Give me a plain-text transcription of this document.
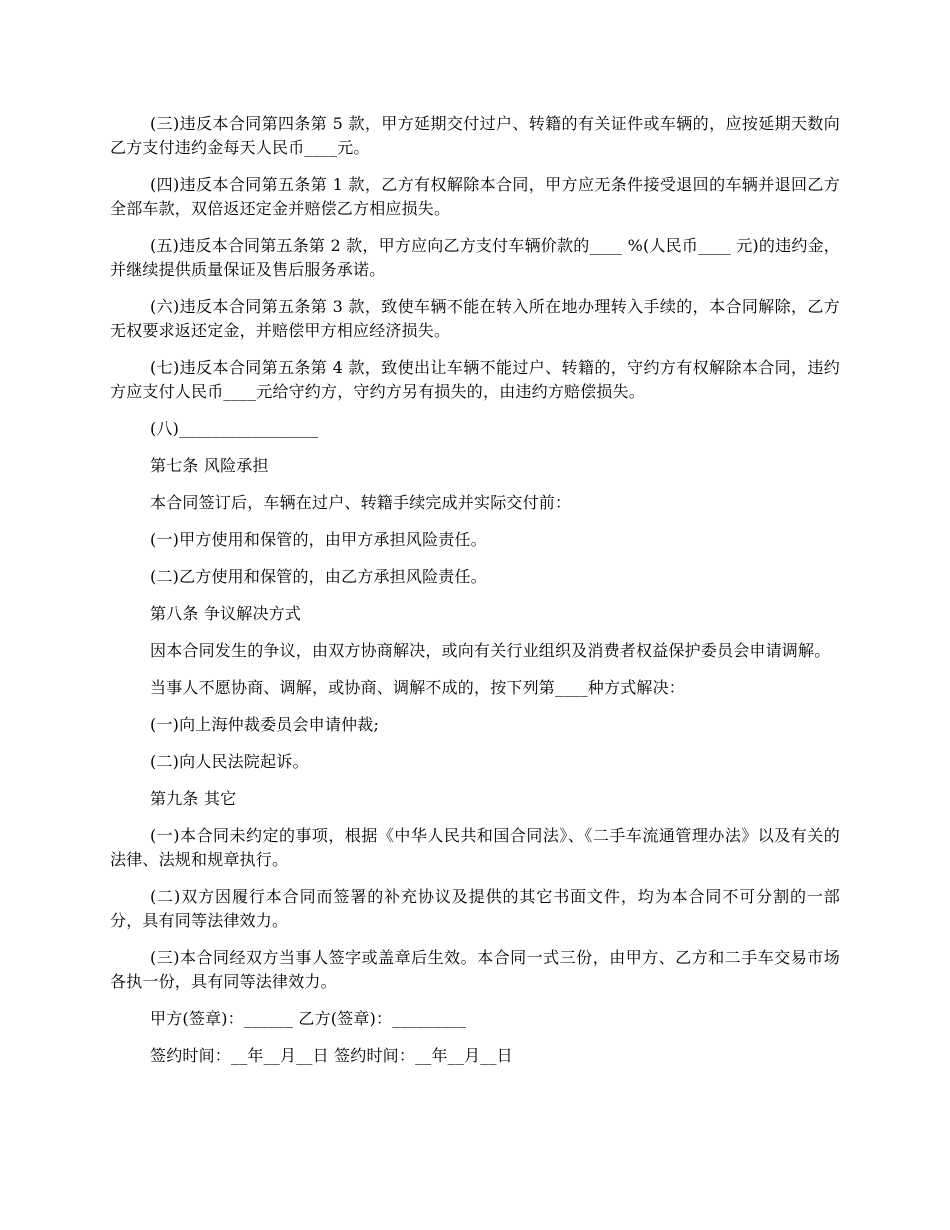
(三)违反本合同第四条第 5 款，甲方延期交付过户、转籍的有关证件或车辆的，应按延期天数向乙方支付违约金每天人民币____元。

(四)违反本合同第五条第 1 款，乙方有权解除本合同，甲方应无条件接受退回的车辆并退回乙方全部车款，双倍返还定金并赔偿乙方相应损失。

(五)违反本合同第五条第 2 款，甲方应向乙方支付车辆价款的____ %(人民币____ 元)的违约金，并继续提供质量保证及售后服务承诺。

(六)违反本合同第五条第 3 款，致使车辆不能在转入所在地办理转入手续的，本合同解除，乙方无权要求返还定金，并赔偿甲方相应经济损失。

(七)违反本合同第五条第 4 款，致使出让车辆不能过户、转籍的，守约方有权解除本合同，违约方应支付人民币____元给守约方，守约方另有损失的，由违约方赔偿损失。

(八)_________________

第七条 风险承担

本合同签订后，车辆在过户、转籍手续完成并实际交付前：

(一)甲方使用和保管的，由甲方承担风险责任。

(二)乙方使用和保管的，由乙方承担风险责任。

第八条 争议解决方式

因本合同发生的争议，由双方协商解决，或向有关行业组织及消费者权益保护委员会申请调解。

当事人不愿协商、调解，或协商、调解不成的，按下列第____种方式解决：

(一)向上海仲裁委员会申请仲裁;

(二)向人民法院起诉。

第九条 其它

(一)本合同未约定的事项，根据《中华人民共和国合同法》、《二手车流通管理办法》以及有关的法律、法规和规章执行。

(二)双方因履行本合同而签署的补充协议及提供的其它书面文件，均为本合同不可分割的一部分，具有同等法律效力。

(三)本合同经双方当事人签字或盖章后生效。本合同一式三份，由甲方、乙方和二手车交易市场各执一份，具有同等法律效力。

甲方(签章)：______ 乙方(签章)：_________

签约时间：__年__月__日 签约时间：__年__月__日
